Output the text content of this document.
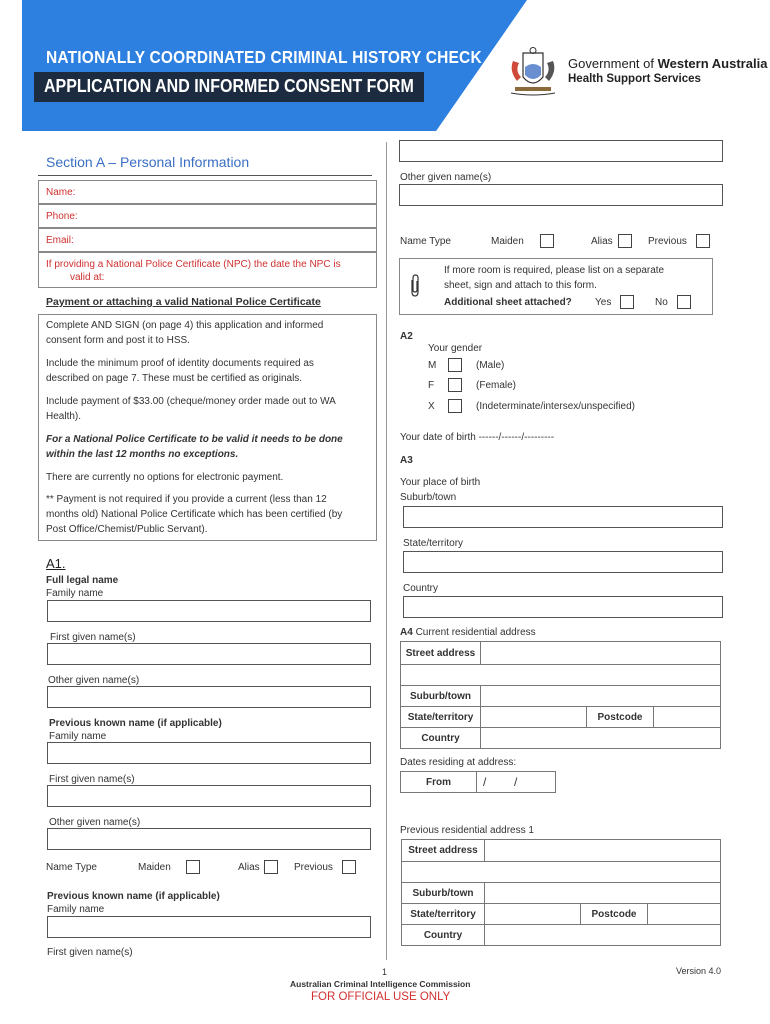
NATIONALLY COORDINATED CRIMINAL HISTORY CHECK
APPLICATION AND INFORMED CONSENT FORM
Government of Western Australia
Health Support Services
Section A – Personal Information
Name:
Phone:
Email:
If providing a National Police Certificate (NPC) the date the NPC is
valid at:
Payment or attaching a valid National Police Certificate
Complete AND SIGN (on page 4) this application and informed
consent form and post it to HSS.
Include the minimum proof of identity documents required as
described on page 7. These must be certified as originals.
Include payment of $33.00 (cheque/money order made out to WA
Health).
For a National Police Certificate to be valid it needs to be done
within the last 12 months no exceptions.
There are currently no options for electronic payment.
** Payment is not required if you provide a current (less than 12
months old) National Police Certificate which has been certified (by
Post Office/Chemist/Public Servant).
A1.
Full legal name
Family name
First given name(s)
Other given name(s)
Previous known name (if applicable)
Family name
First given name(s)
Other given name(s)
Name Type	Maiden	Alias	Previous
Previous known name (if applicable)
Family name
First given name(s)
Other given name(s)
Name Type	Maiden	Alias	Previous
If more room is required, please list on a separate
sheet, sign and attach to this form.
Additional sheet attached? Yes	No
A2
Your gender
M	(Male)
F	(Female)
X	(Indeterminate/intersex/unspecified)
Your date of birth ------/------/---------
A3
Your place of birth
Suburb/town
State/territory
Country
A4 Current residential address
Street address
Suburb/town
State/territory	Postcode
Country
Dates residing at address:
From	/ /
Previous residential address 1
Street address
Suburb/town
State/territory	Postcode
Country
1	Version 4.0
Australian Criminal Intelligence Commission
FOR OFFICIAL USE ONLY
